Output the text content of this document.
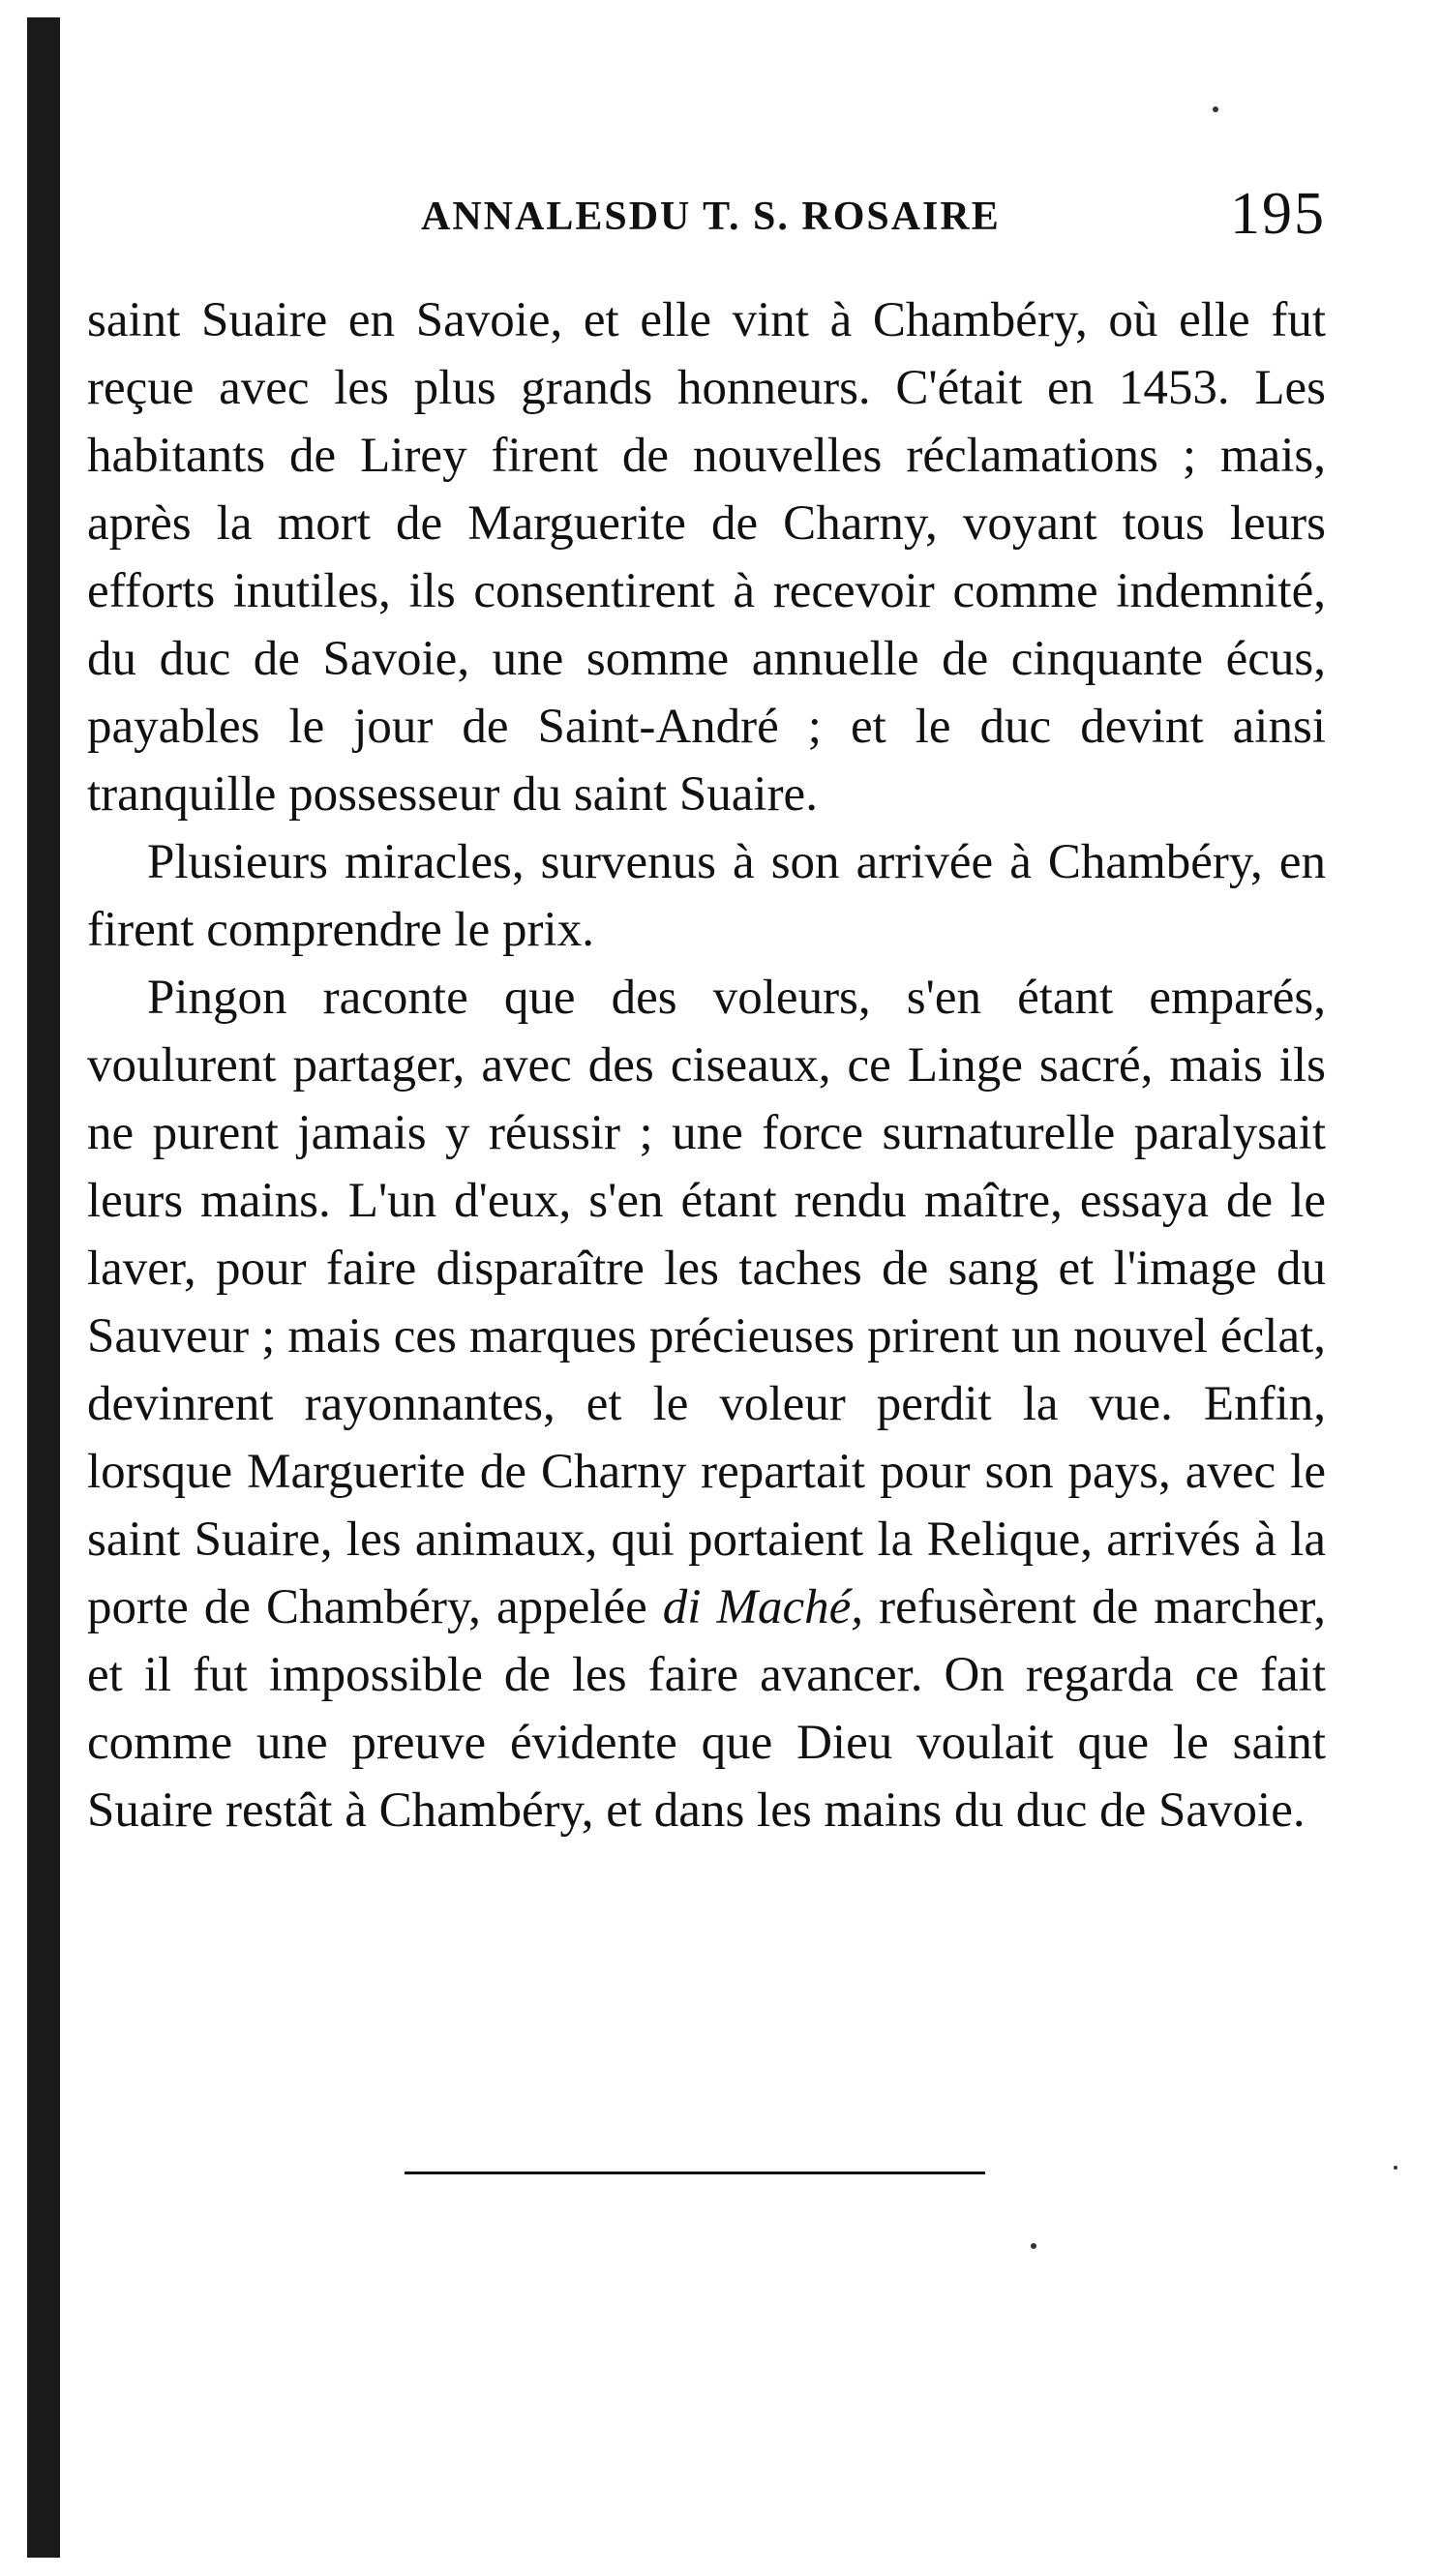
ANNALESDU T. S. ROSAIRE	195

saint Suaire en Savoie, et elle vint à Chambéry, où elle fut reçue avec les plus grands honneurs. C'était en 1453. Les habitants de Lirey firent de nouvelles réclamations ; mais, après la mort de Marguerite de Charny, voyant tous leurs efforts inutiles, ils consentirent à recevoir comme indemnité, du duc de Savoie, une somme annuelle de cinquante écus, payables le jour de Saint-André ; et le duc devint ainsi tranquille possesseur du saint Suaire.

Plusieurs miracles, survenus à son arrivée à Chambéry, en firent comprendre le prix.

Pingon raconte que des voleurs, s'en étant emparés, voulurent partager, avec des ciseaux, ce Linge sacré, mais ils ne purent jamais y réussir ; une force surnaturelle paralysait leurs mains. L'un d'eux, s'en étant rendu maître, essaya de le laver, pour faire disparaître les taches de sang et l'image du Sauveur ; mais ces marques précieuses prirent un nouvel éclat, devinrent rayonnantes, et le voleur perdit la vue. Enfin, lorsque Marguerite de Charny repartait pour son pays, avec le saint Suaire, les animaux, qui portaient la Relique, arrivés à la porte de Chambéry, appelée di Maché, refusèrent de marcher, et il fut impossible de les faire avancer. On regarda ce fait comme une preuve évidente que Dieu voulait que le saint Suaire restât à Chambéry, et dans les mains du duc de Savoie.
